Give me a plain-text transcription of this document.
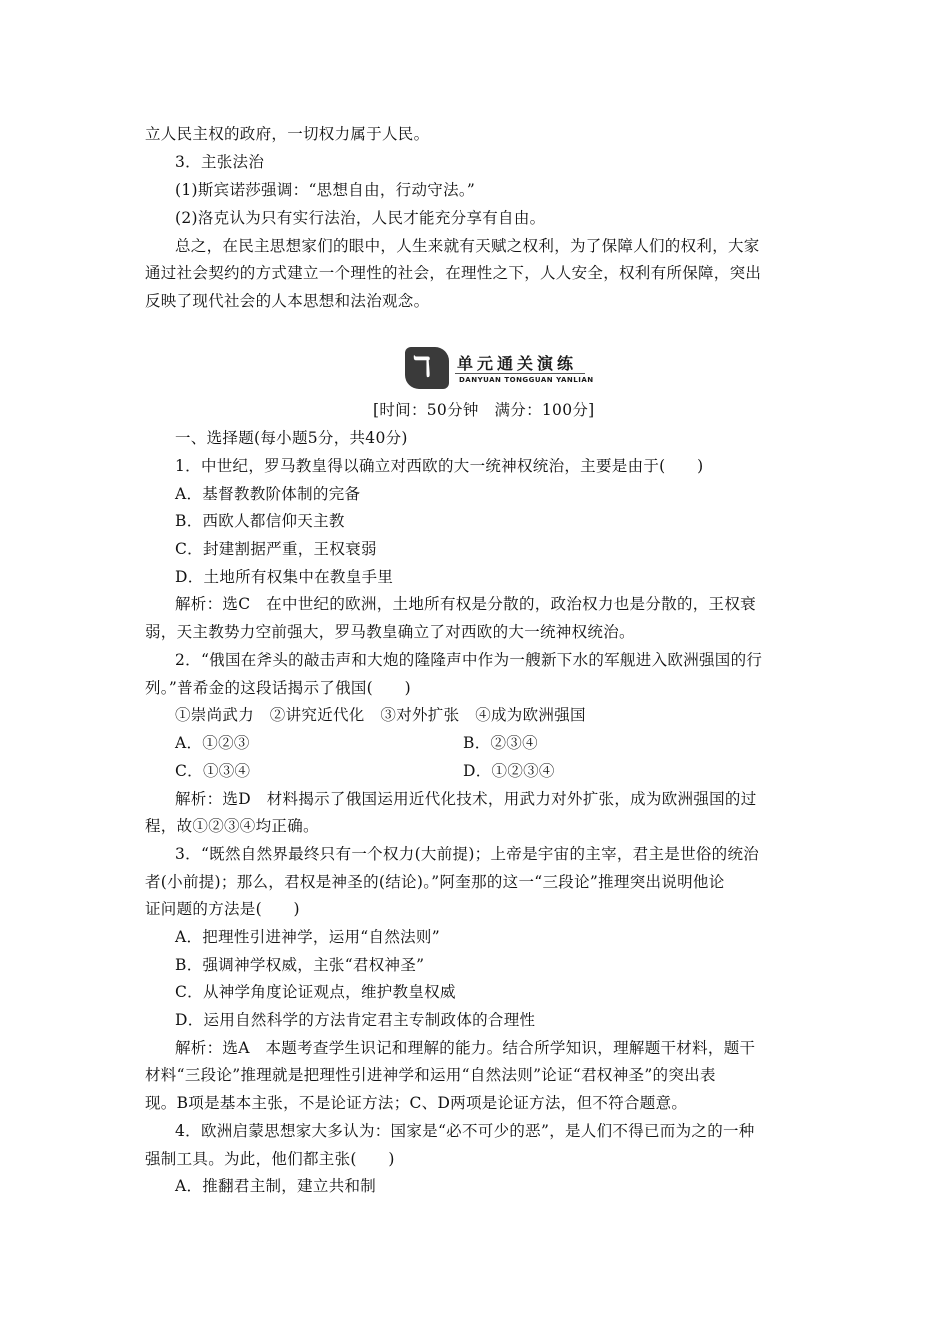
立人民主权的政府，一切权力属于人民。
3．主张法治
(1)斯宾诺莎强调：“思想自由，行动守法。”
(2)洛克认为只有实行法治，人民才能充分享有自由。
总之，在民主思想家们的眼中，人生来就有天赋之权利，为了保障人们的权利，大家
通过社会契约的方式建立一个理性的社会，在理性之下，人人安全，权利有所保障，突出
反映了现代社会的人本思想和法治观念。
ℸ 单元通关演练
DANYUAN TONGGUAN YANLIAN
[时间：50分钟　满分：100分]
一、选择题(每小题5分，共40分)
1．中世纪，罗马教皇得以确立对西欧的大一统神权统治，主要是由于(　　)
A．基督教教阶体制的完备
B．西欧人都信仰天主教
C．封建割据严重，王权衰弱
D．土地所有权集中在教皇手里
解析：选C　在中世纪的欧洲，土地所有权是分散的，政治权力也是分散的，王权衰
弱，天主教势力空前强大，罗马教皇确立了对西欧的大一统神权统治。
2．“俄国在斧头的敲击声和大炮的隆隆声中作为一艘新下水的军舰进入欧洲强国的行
列。”普希金的这段话揭示了俄国(　　)
①崇尚武力　②讲究近代化　③对外扩张　④成为欧洲强国
A．①②③	B．②③④
C．①③④	D．①②③④
解析：选D　材料揭示了俄国运用近代化技术，用武力对外扩张，成为欧洲强国的过
程，故①②③④均正确。
3．“既然自然界最终只有一个权力(大前提)；上帝是宇宙的主宰，君主是世俗的统治
者(小前提)；那么，君权是神圣的(结论)。”阿奎那的这一“三段论”推理突出说明他论
证问题的方法是(　　)
A．把理性引进神学，运用“自然法则”
B．强调神学权威，主张“君权神圣”
C．从神学角度论证观点，维护教皇权威
D．运用自然科学的方法肯定君主专制政体的合理性
解析：选A　本题考查学生识记和理解的能力。结合所学知识，理解题干材料，题干
材料“三段论”推理就是把理性引进神学和运用“自然法则”论证“君权神圣”的突出表
现。B项是基本主张，不是论证方法；C、D两项是论证方法，但不符合题意。
4．欧洲启蒙思想家大多认为：国家是“必不可少的恶”，是人们不得已而为之的一种
强制工具。为此，他们都主张(　　)
A．推翻君主制，建立共和制
